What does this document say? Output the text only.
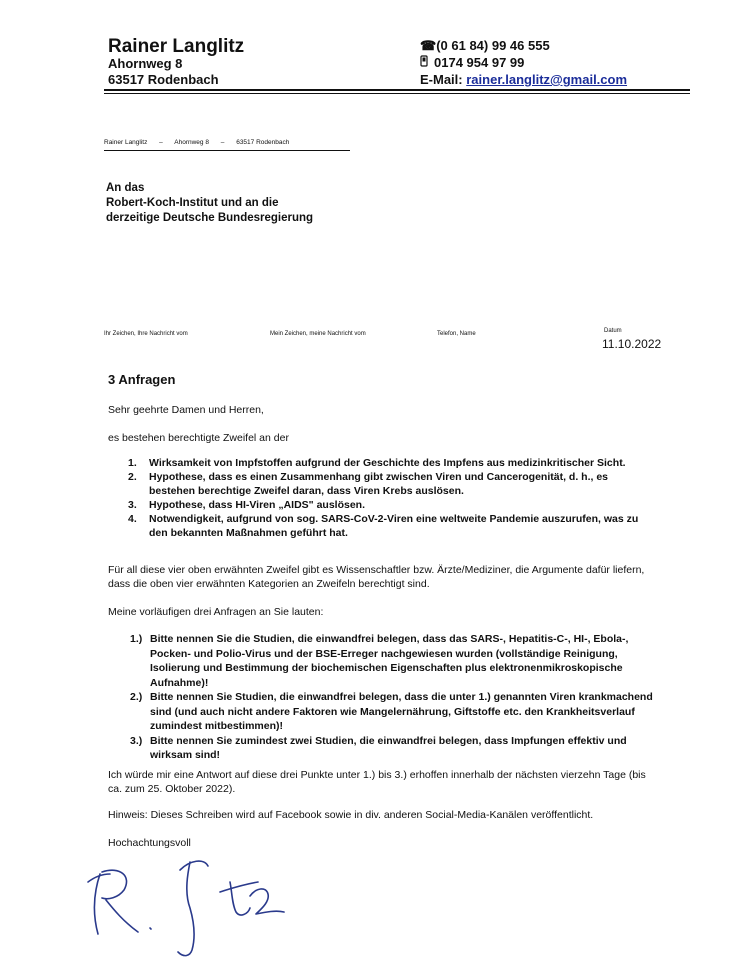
Rainer Langlitz
Ahornweg 8
63517 Rodenbach
☎(0 61 84) 99 46 555
0174 954 97 99
E-Mail: rainer.langlitz@gmail.com
Rainer Langlitz – Ahornweg 8 – 63517 Rodenbach
An das
Robert-Koch-Institut und an die
derzeitige Deutsche Bundesregierung
Ihr Zeichen, Ihre Nachricht vom	Mein Zeichen, meine Nachricht vom	Telefon, Name	Datum
11.10.2022
3 Anfragen
Sehr geehrte Damen und Herren,
es bestehen berechtigte Zweifel an der
1. Wirksamkeit von Impfstoffen aufgrund der Geschichte des Impfens aus medizinkritischer Sicht.
2. Hypothese, dass es einen Zusammenhang gibt zwischen Viren und Cancerogenität, d. h., es bestehen berechtige Zweifel daran, dass Viren Krebs auslösen.
3. Hypothese, dass HI-Viren „AIDS" auslösen.
4. Notwendigkeit, aufgrund von sog. SARS-CoV-2-Viren eine weltweite Pandemie auszurufen, was zu den bekannten Maßnahmen geführt hat.
Für all diese vier oben erwähnten Zweifel gibt es Wissenschaftler bzw. Ärzte/Mediziner, die Argumente dafür liefern, dass die oben vier erwähnten Kategorien an Zweifeln berechtigt sind.
Meine vorläufigen drei Anfragen an Sie lauten:
1.) Bitte nennen Sie die Studien, die einwandfrei belegen, dass das SARS-, Hepatitis-C-, HI-, Ebola-, Pocken- und Polio-Virus und der BSE-Erreger nachgewiesen wurden (vollständige Reinigung, Isolierung und Bestimmung der biochemischen Eigenschaften plus elektronenmikroskopische Aufnahme)!
2.) Bitte nennen Sie Studien, die einwandfrei belegen, dass die unter 1.) genannten Viren krankmachend sind (und auch nicht andere Faktoren wie Mangelernährung, Giftstoffe etc. den Krankheitsverlauf zumindest mitbestimmen)!
3.) Bitte nennen Sie zumindest zwei Studien, die einwandfrei belegen, dass Impfungen effektiv und wirksam sind!
Ich würde mir eine Antwort auf diese drei Punkte unter 1.) bis 3.) erhoffen innerhalb der nächsten vierzehn Tage (bis ca. zum 25. Oktober 2022).
Hinweis: Dieses Schreiben wird auf Facebook sowie in div. anderen Social-Media-Kanälen veröffentlicht.
Hochachtungsvoll
